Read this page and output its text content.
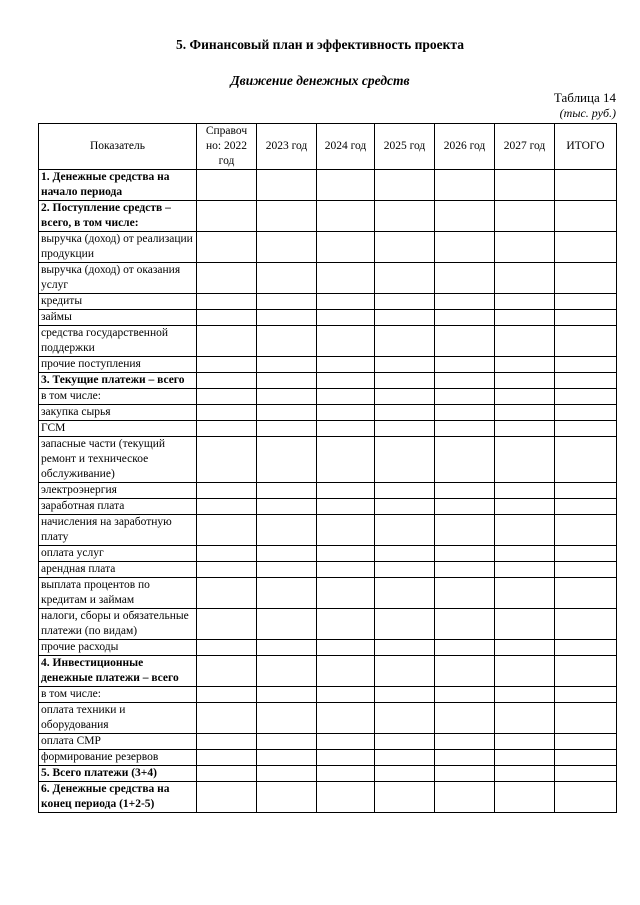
5. Финансовый план и эффективность проекта
Движение денежных средств
Таблица 14
(тыс. руб.)
Показатель	Справоч но: 2022 год	2023 год	2024 год	2025 год	2026 год	2027 год	ИТОГО
1. Денежные средства на начало периода							
2. Поступление средств – всего, в том числе:							
выручка (доход) от реализации продукции							
выручка (доход) от оказания услуг							
кредиты							
займы							
средства государственной поддержки							
прочие поступления							
3. Текущие платежи – всего							
в том числе:							
закупка сырья							
ГСМ							
запасные части (текущий ремонт и техническое обслуживание)							
электроэнергия							
заработная плата							
начисления на заработную плату							
оплата услуг							
арендная плата							
выплата процентов по кредитам и займам							
налоги, сборы и обязательные платежи (по видам)							
прочие расходы							
4. Инвестиционные денежные платежи – всего							
в том числе:							
оплата техники и оборудования							
оплата СМР							
формирование резервов							
5. Всего платежи (3+4)							
6. Денежные средства на конец периода (1+2-5)							
